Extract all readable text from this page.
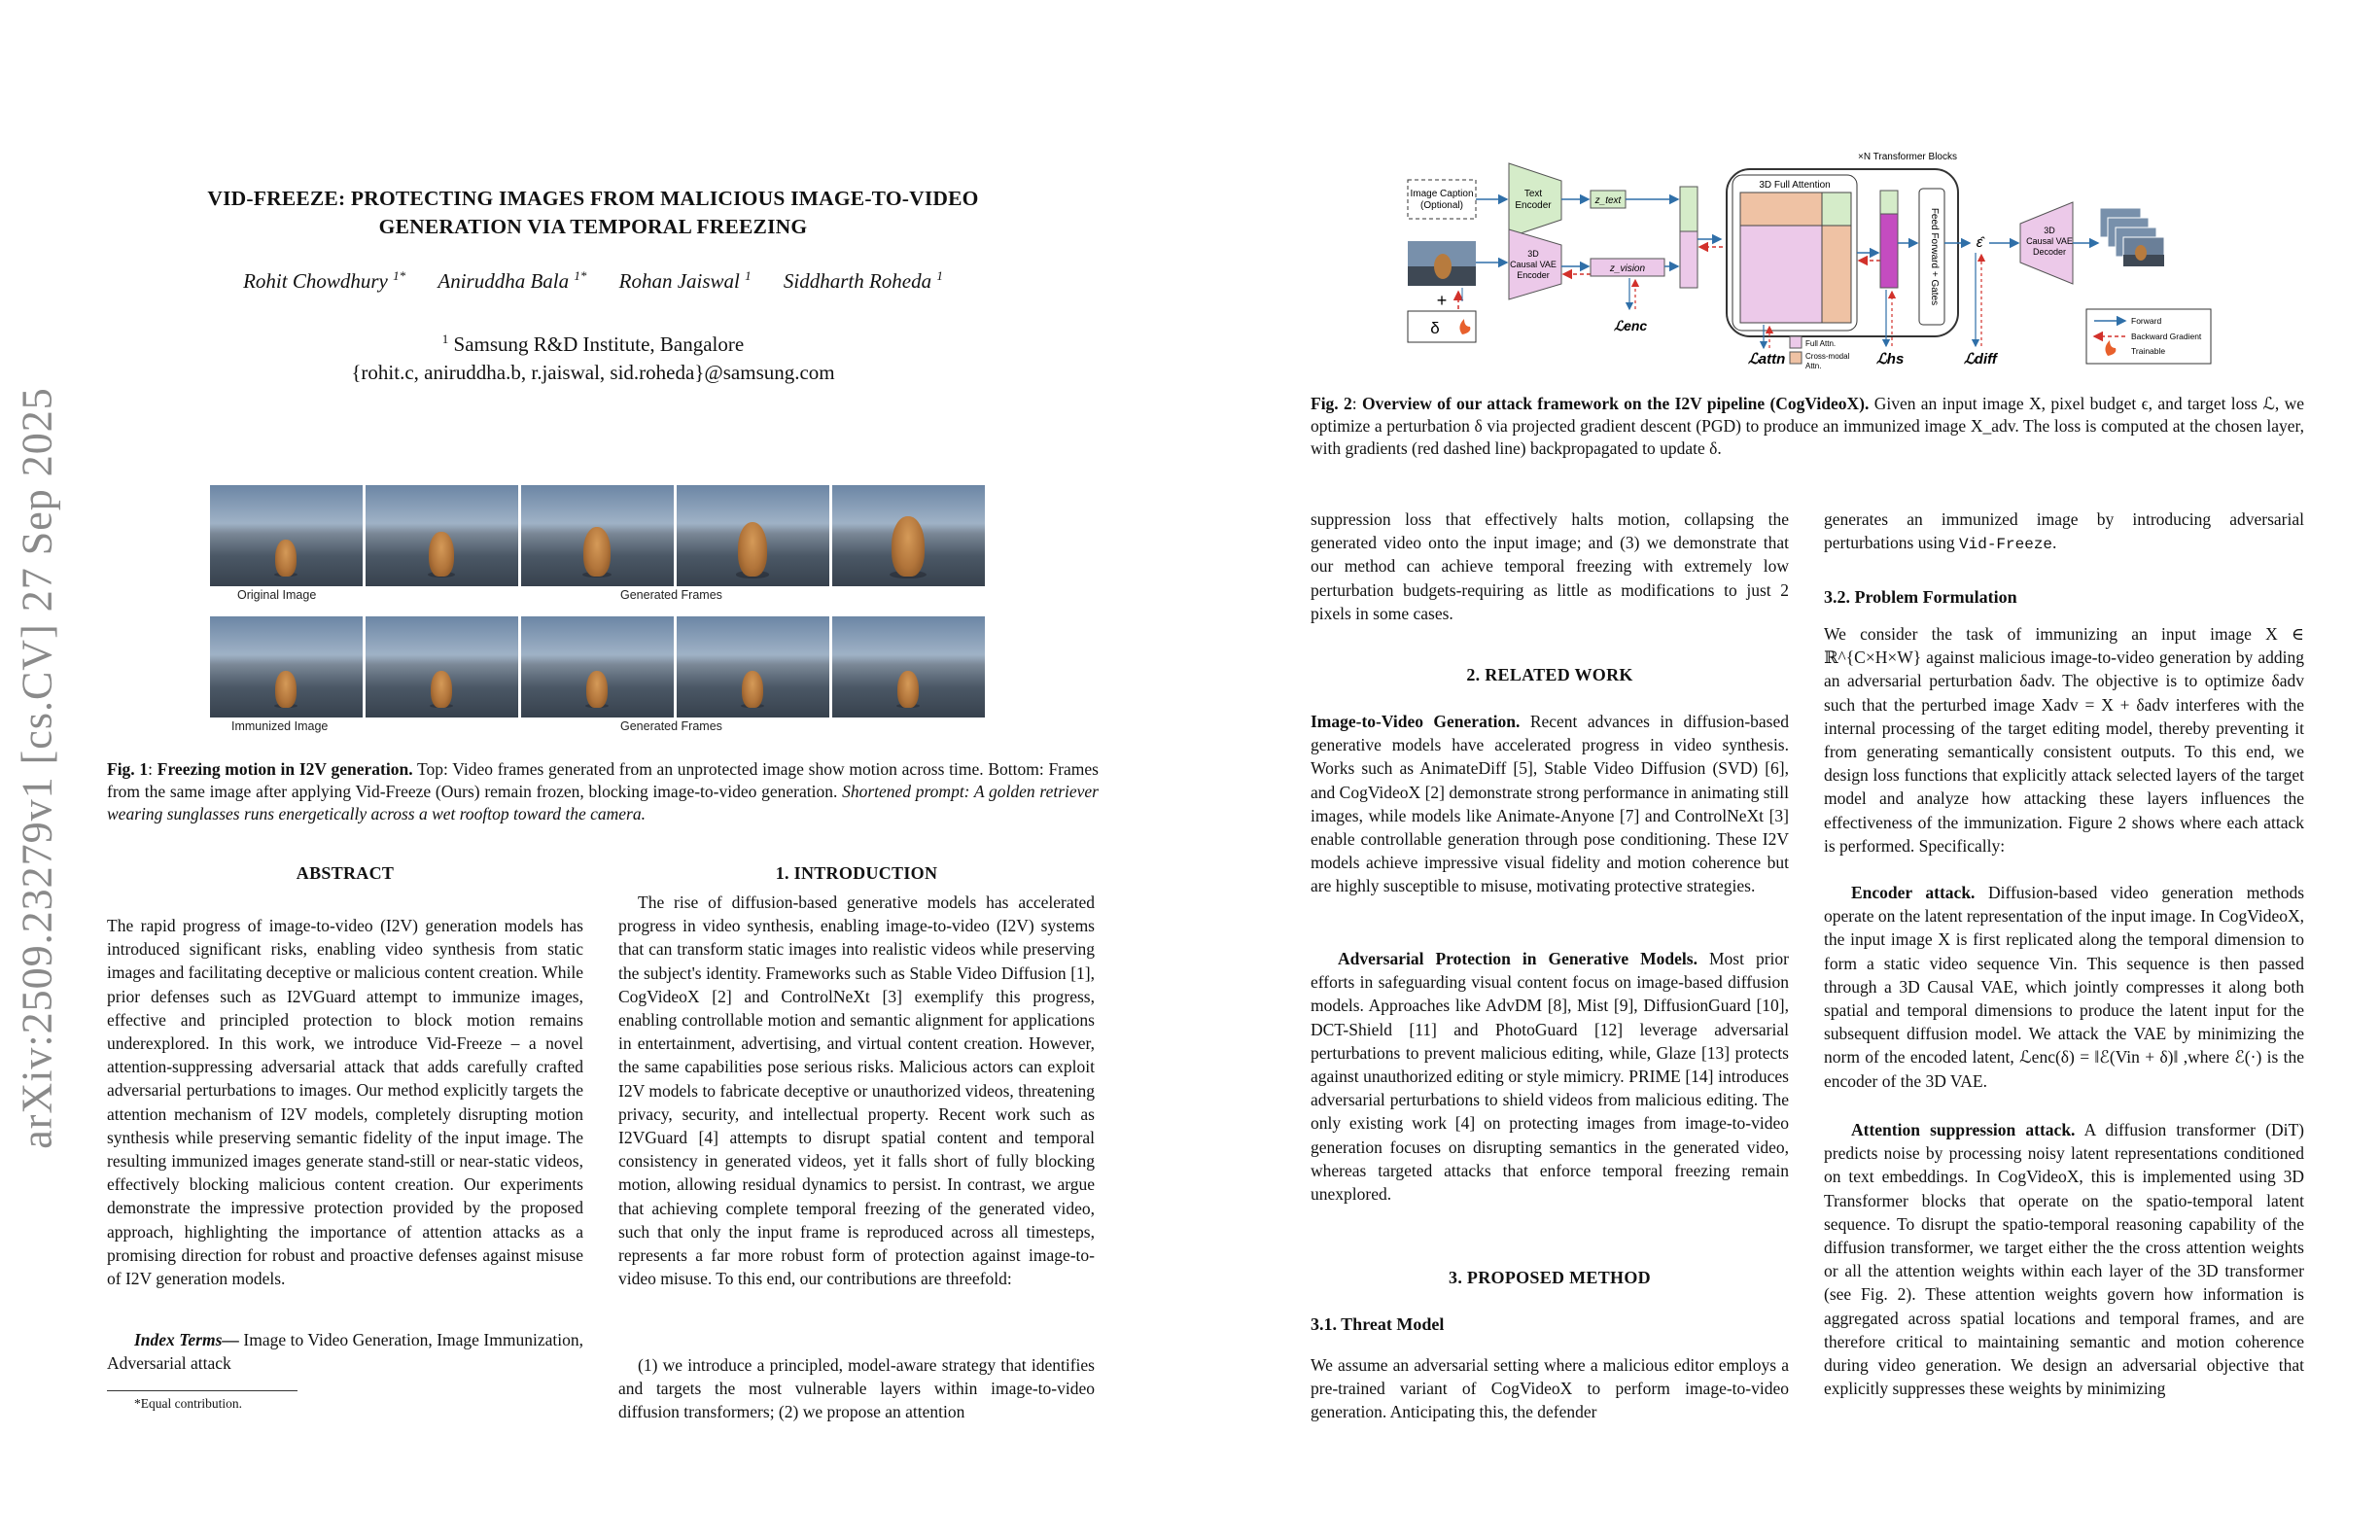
arXiv:2509.23279v1 [cs.CV] 27 Sep 2025
VID-FREEZE: PROTECTING IMAGES FROM MALICIOUS IMAGE-TO-VIDEO
GENERATION VIA TEMPORAL FREEZING
Rohit Chowdhury $^{1*}$ Aniruddha Bala $^{1*}$ Rohan Jaiswal $^1$ Siddharth Roheda $^1$
$^1$ Samsung R&D Institute, Bangalore
{rohit.c, aniruddha.b, r.jaiswal, sid.roheda}@samsung.com
Original Image	Generated Frames
Immunized Image	Generated Frames
Fig. 1: Freezing motion in I2V generation. Top: Video frames generated from an unprotected image show motion across time. Bottom: Frames from the same image after applying Vid-Freeze (Ours) remain frozen, blocking image-to-video generation. Shortened prompt: A golden retriever wearing sunglasses runs energetically across a wet rooftop toward the camera.
ABSTRACT
The rapid progress of image-to-video (I2V) generation models has introduced significant risks, enabling video synthesis from static images and facilitating deceptive or malicious content creation. While prior defenses such as I2VGuard attempt to immunize images, effective and principled protection to block motion remains underexplored. In this work, we introduce Vid-Freeze – a novel attention-suppressing adversarial attack that adds carefully crafted adversarial perturbations to images. Our method explicitly targets the attention mechanism of I2V models, completely disrupting motion synthesis while preserving semantic fidelity of the input image. The resulting immunized images generate stand-still or near-static videos, effectively blocking malicious content creation. Our experiments demonstrate the impressive protection provided by the proposed approach, highlighting the importance of attention attacks as a promising direction for robust and proactive defenses against misuse of I2V generation models.
Index Terms— Image to Video Generation, Image Immunization, Adversarial attack
*Equal contribution.
1. INTRODUCTION
The rise of diffusion-based generative models has accelerated progress in video synthesis, enabling image-to-video (I2V) systems that can transform static images into realistic videos while preserving the subject's identity. Frameworks such as Stable Video Diffusion [1], CogVideoX [2] and ControlNeXt [3] exemplify this progress, enabling controllable motion and semantic alignment for applications in entertainment, advertising, and virtual content creation. However, the same capabilities pose serious risks. Malicious actors can exploit I2V models to fabricate deceptive or unauthorized videos, threatening privacy, security, and intellectual property. Recent work such as I2VGuard [4] attempts to disrupt spatial content and temporal consistency in generated videos, yet it falls short of fully blocking motion, allowing residual dynamics to persist. In contrast, we argue that achieving complete temporal freezing of the generated video, such that only the input frame is reproduced across all timesteps, represents a far more robust form of protection against image-to-video misuse. To this end, our contributions are threefold:
(1) we introduce a principled, model-aware strategy that identifies and targets the most vulnerable layers within image-to-video diffusion transformers; (2) we propose an attention
Image Caption
(Optional)
Text
Encoder	z_text
+
δ
3D
Causal VAE
Encoder
z_vision
ℒenc
×N Transformer Blocks
3D Full Attention
Feed Forward + Gates	ε̂
ℒattn	ℒhs	ℒdiff
Full Attn.
Cross-modal
Attn.
3D
Causal VAE
Decoder
Forward
Backward Gradient
Trainable
Fig. 2: Overview of our attack framework on the I2V pipeline (CogVideoX). Given an input image X, pixel budget ϵ, and target loss ℒ, we optimize a perturbation δ via projected gradient descent (PGD) to produce an immunized image X_adv. The loss is computed at the chosen layer, with gradients (red dashed line) backpropagated to update δ.
suppression loss that effectively halts motion, collapsing the generated video onto the input image; and (3) we demonstrate that our method can achieve temporal freezing with extremely low perturbation budgets-requiring as little as modifications to just 2 pixels in some cases.
2. RELATED WORK
Image-to-Video Generation. Recent advances in diffusion-based generative models have accelerated progress in video synthesis. Works such as AnimateDiff [5], Stable Video Diffusion (SVD) [6], and CogVideoX [2] demonstrate strong performance in animating still images, while models like Animate-Anyone [7] and ControlNeXt [3] enable controllable generation through pose conditioning. These I2V models achieve impressive visual fidelity and motion coherence but are highly susceptible to misuse, motivating protective strategies.
Adversarial Protection in Generative Models. Most prior efforts in safeguarding visual content focus on image-based diffusion models. Approaches like AdvDM [8], Mist [9], DiffusionGuard [10], DCT-Shield [11] and PhotoGuard [12] leverage adversarial perturbations to prevent malicious editing, while, Glaze [13] protects against unauthorized editing or style mimicry. PRIME [14] introduces adversarial perturbations to shield videos from malicious editing. The only existing work [4] on protecting images from image-to-video generation focuses on disrupting semantics in the generated video, whereas targeted attacks that enforce temporal freezing remain unexplored.
3. PROPOSED METHOD
3.1. Threat Model
We assume an adversarial setting where a malicious editor employs a pre-trained variant of CogVideoX to perform image-to-video generation. Anticipating this, the defender
generates an immunized image by introducing adversarial perturbations using Vid-Freeze.
3.2. Problem Formulation
We consider the task of immunizing an input image X ∈ ℝ^{C×H×W} against malicious image-to-video generation by adding an adversarial perturbation δadv. The objective is to optimize δadv such that the perturbed image Xadv = X + δadv interferes with the internal processing of the target editing model, thereby preventing it from generating semantically consistent outputs. To this end, we design loss functions that explicitly attack selected layers of the target model and analyze how attacking these layers influences the effectiveness of the immunization. Figure 2 shows where each attack is performed. Specifically:
Encoder attack. Diffusion-based video generation methods operate on the latent representation of the input image. In CogVideoX, the input image X is first replicated along the temporal dimension to form a static video sequence Vin. This sequence is then passed through a 3D Causal VAE, which jointly compresses it along both spatial and temporal dimensions to produce the latent input for the subsequent diffusion model. We attack the VAE by minimizing the norm of the encoded latent, ℒenc(δ) = ‖ℰ(Vin + δ)‖ ,where ℰ(·) is the encoder of the 3D VAE.
Attention suppression attack. A diffusion transformer (DiT) predicts noise by processing noisy latent representations conditioned on text embeddings. In CogVideoX, this is implemented using 3D Transformer blocks that operate on the spatio-temporal latent sequence. To disrupt the spatio-temporal reasoning capability of the diffusion transformer, we target either the the cross attention weights or all the attention weights within each layer of the 3D transformer (see Fig. 2). These attention weights govern how information is aggregated across spatial locations and temporal frames, and are therefore critical to maintaining semantic and motion coherence during video generation. We design an adversarial objective that explicitly suppresses these weights by minimizing
